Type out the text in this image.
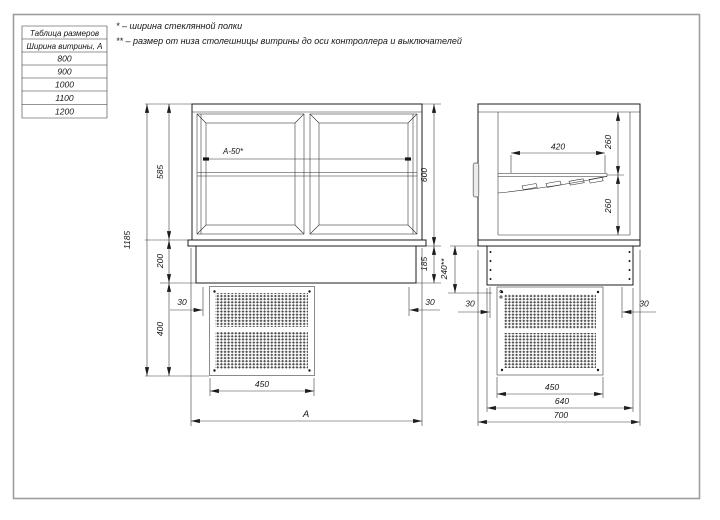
Таблица размеров
Ширина витрины, А
800
900
1000
1100
1200
* – ширина стеклянной полки
** – размер от низа столешницы витрины до оси контроллера и выключателей
А-50*
1185
585
200
400
600
185
30	30
450
А
420	260
260
240**
30	30
450
640
700
